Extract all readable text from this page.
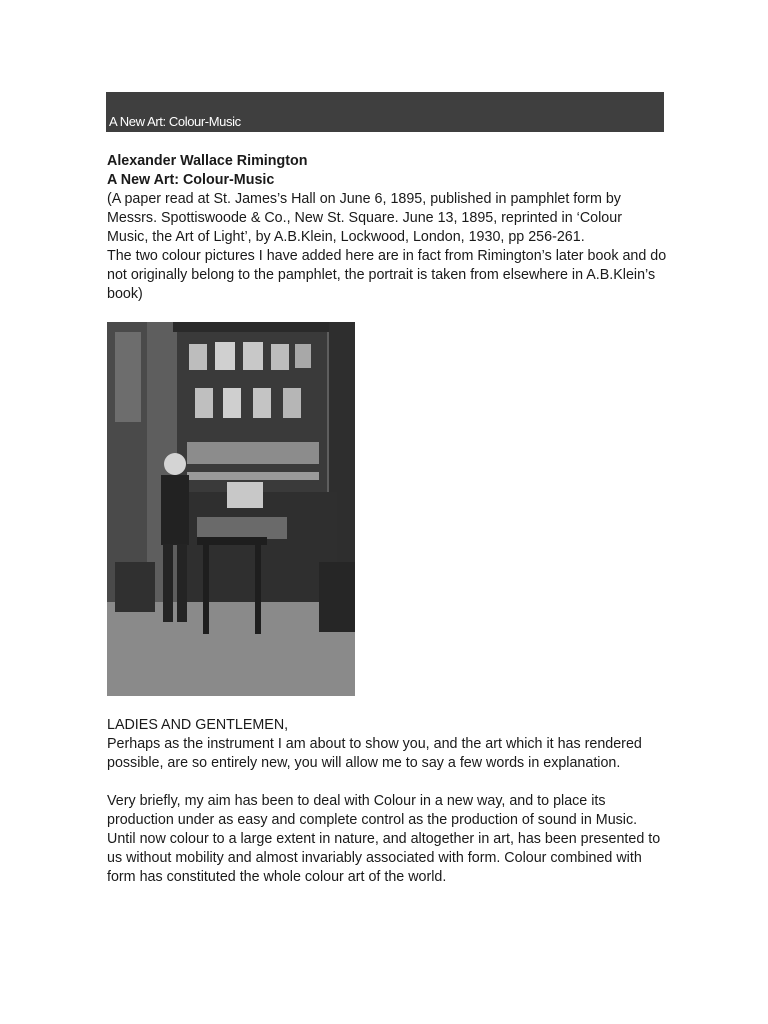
A New Art: Colour-Music

Alexander Wallace Rimington

A New Art: Colour-Music

(A paper read at St. James’s Hall on June 6, 1895, published in pamphlet form by Messrs. Spottiswoode & Co., New St. Square. June 13, 1895, reprinted in ‘Colour Music, the Art of Light’, by A.B.Klein, Lockwood, London, 1930, pp 256-261.

The two colour pictures I have added here are in fact from Rimington’s later book and do not originally belong to the pamphlet, the portrait is taken from elsewhere in A.B.Klein’s book)

LADIES AND GENTLEMEN,

Perhaps as the instrument I am about to show you, and the art which it has rendered possible, are so entirely new, you will allow me to say a few words in explanation.

Very briefly, my aim has been to deal with Colour in a new way, and to place its production under as easy and complete control as the production of sound in Music.

Until now colour to a large extent in nature, and altogether in art, has been presented to us without mobility and almost invariably associated with form. Colour combined with form has constituted the whole colour art of the world.
